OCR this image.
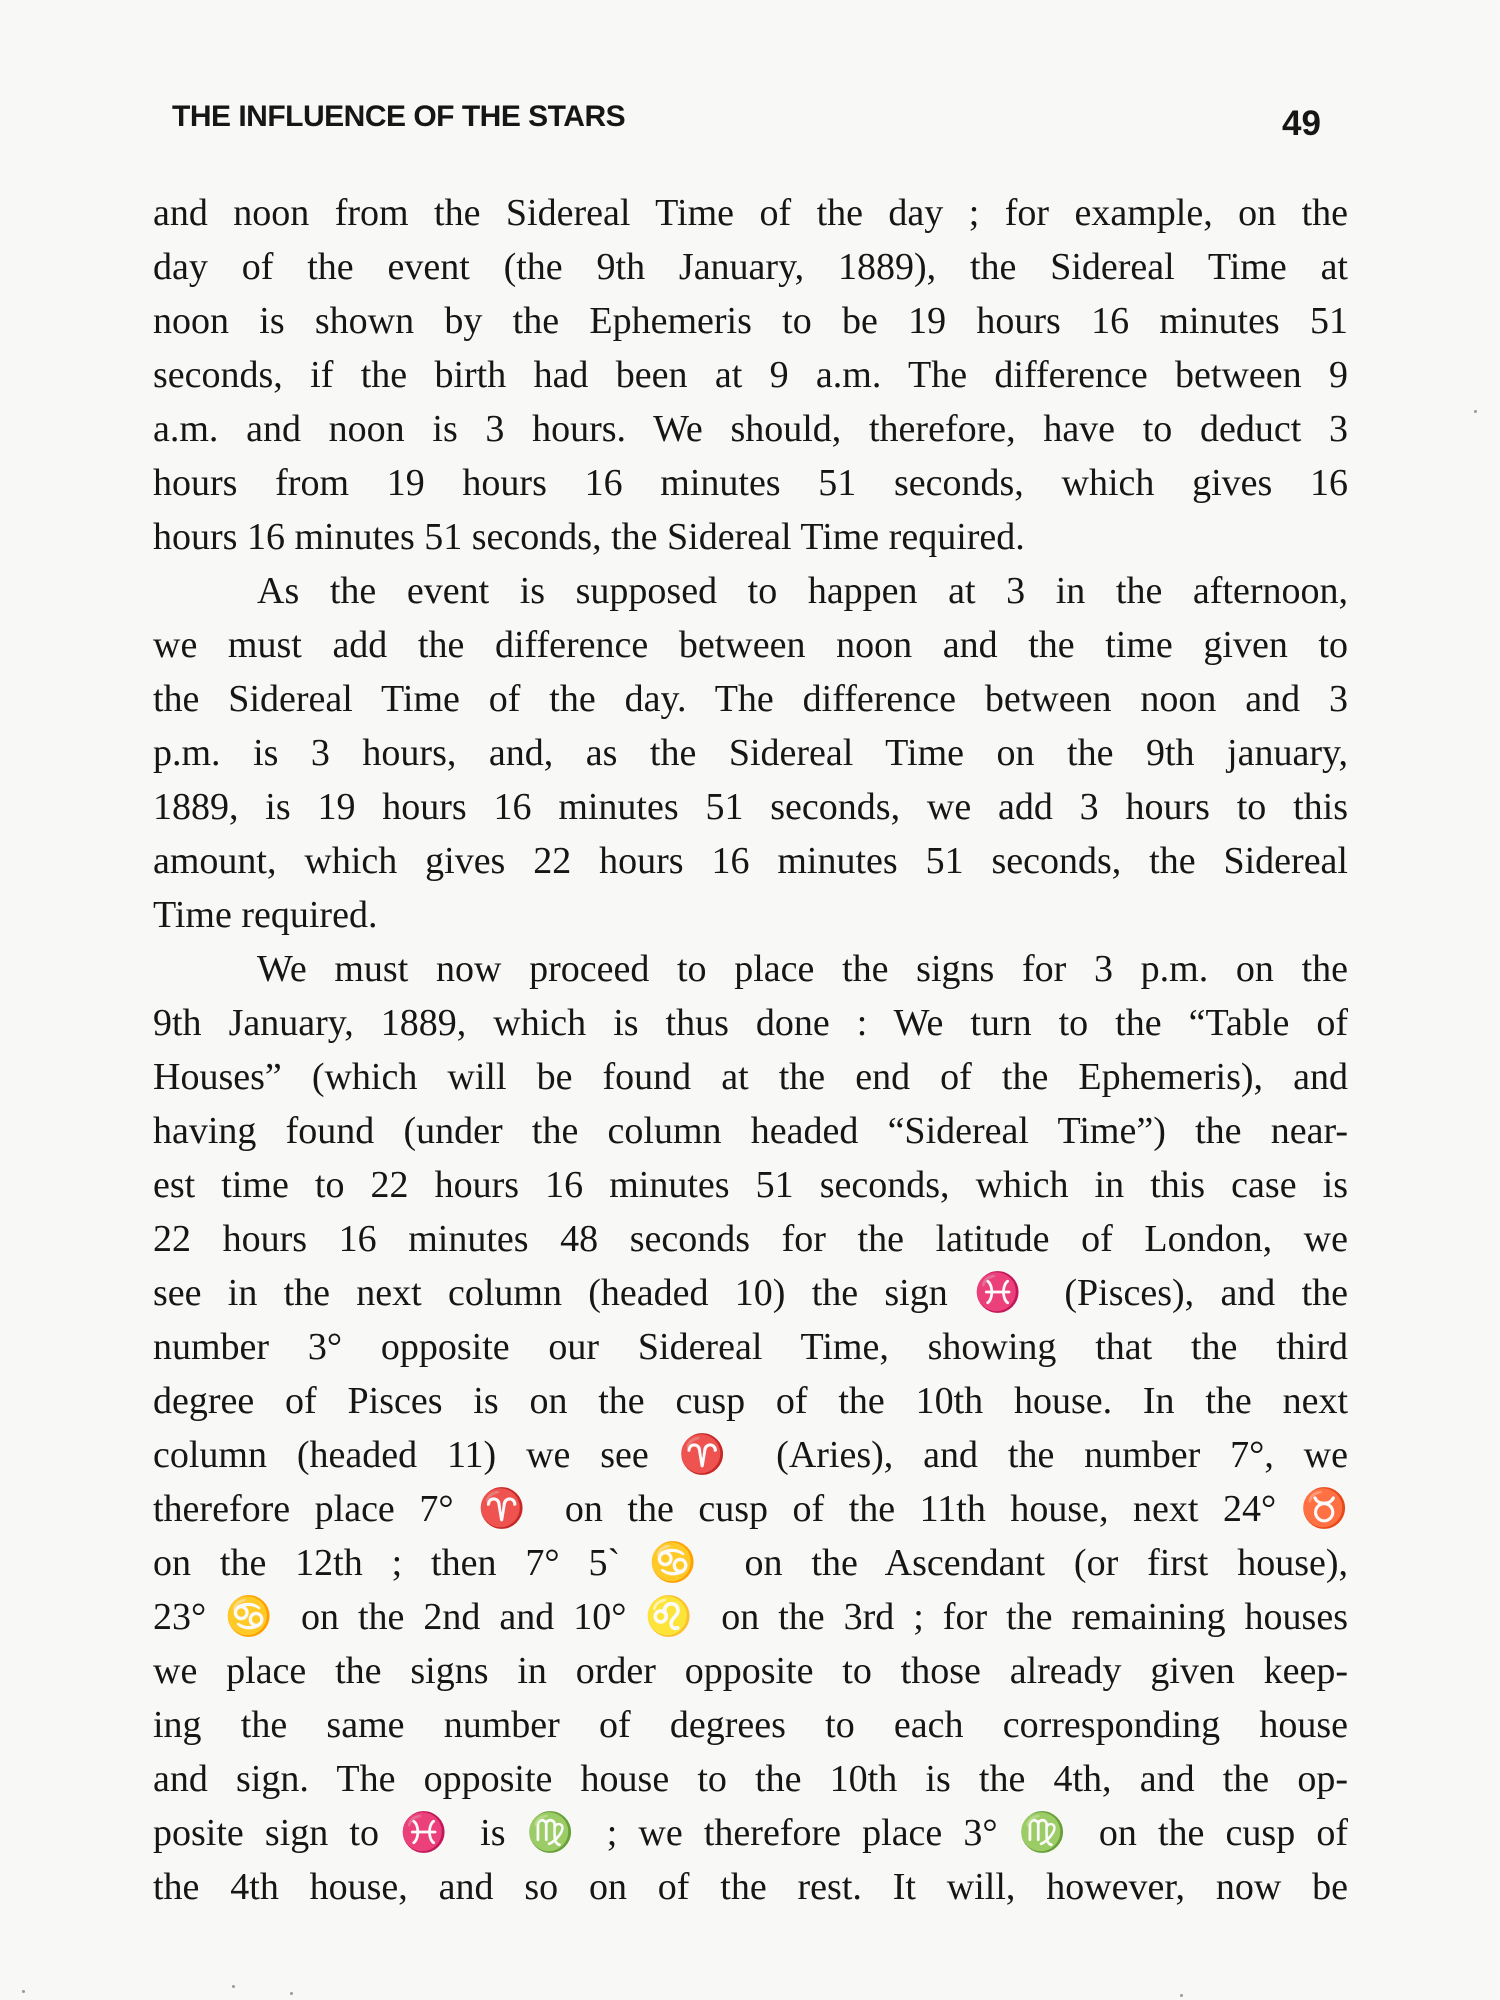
THE INFLUENCE OF THE STARS	49
and noon from the Sidereal Time of the day ; for example, on the
day of the event (the 9th January, 1889), the Sidereal Time at
noon is shown by the Ephemeris to be 19 hours 16 minutes 51
seconds, if the birth had been at 9 a.m. The difference between 9
a.m. and noon is 3 hours. We should, therefore, have to deduct 3
hours from 19 hours 16 minutes 51 seconds, which gives 16
hours 16 minutes 51 seconds, the Sidereal Time required.
As the event is supposed to happen at 3 in the afternoon,
we must add the difference between noon and the time given to
the Sidereal Time of the day. The difference between noon and 3
p.m. is 3 hours, and, as the Sidereal Time on the 9th january,
1889, is 19 hours 16 minutes 51 seconds, we add 3 hours to this
amount, which gives 22 hours 16 minutes 51 seconds, the Sidereal
Time required.
We must now proceed to place the signs for 3 p.m. on the
9th January, 1889, which is thus done : We turn to the “Table of
Houses” (which will be found at the end of the Ephemeris), and
having found (under the column headed “Sidereal Time”) the near-
est time to 22 hours 16 minutes 51 seconds, which in this case is
22 hours 16 minutes 48 seconds for the latitude of London, we
see in the next column (headed 10) the sign ♓ (Pisces), and the
number 3° opposite our Sidereal Time, showing that the third
degree of Pisces is on the cusp of the 10th house. In the next
column (headed 11) we see ♈ (Aries), and the number 7°, we
therefore place 7° ♈ on the cusp of the 11th house, next 24° ♉
on the 12th ; then 7° 5` ♋ on the Ascendant (or first house),
23° ♋ on the 2nd and 10° ♌ on the 3rd ; for the remaining houses
we place the signs in order opposite to those already given keep-
ing the same number of degrees to each corresponding house
and sign. The opposite house to the 10th is the 4th, and the op-
posite sign to ♓ is ♍ ; we therefore place 3° ♍ on the cusp of
the 4th house, and so on of the rest. It will, however, now be
